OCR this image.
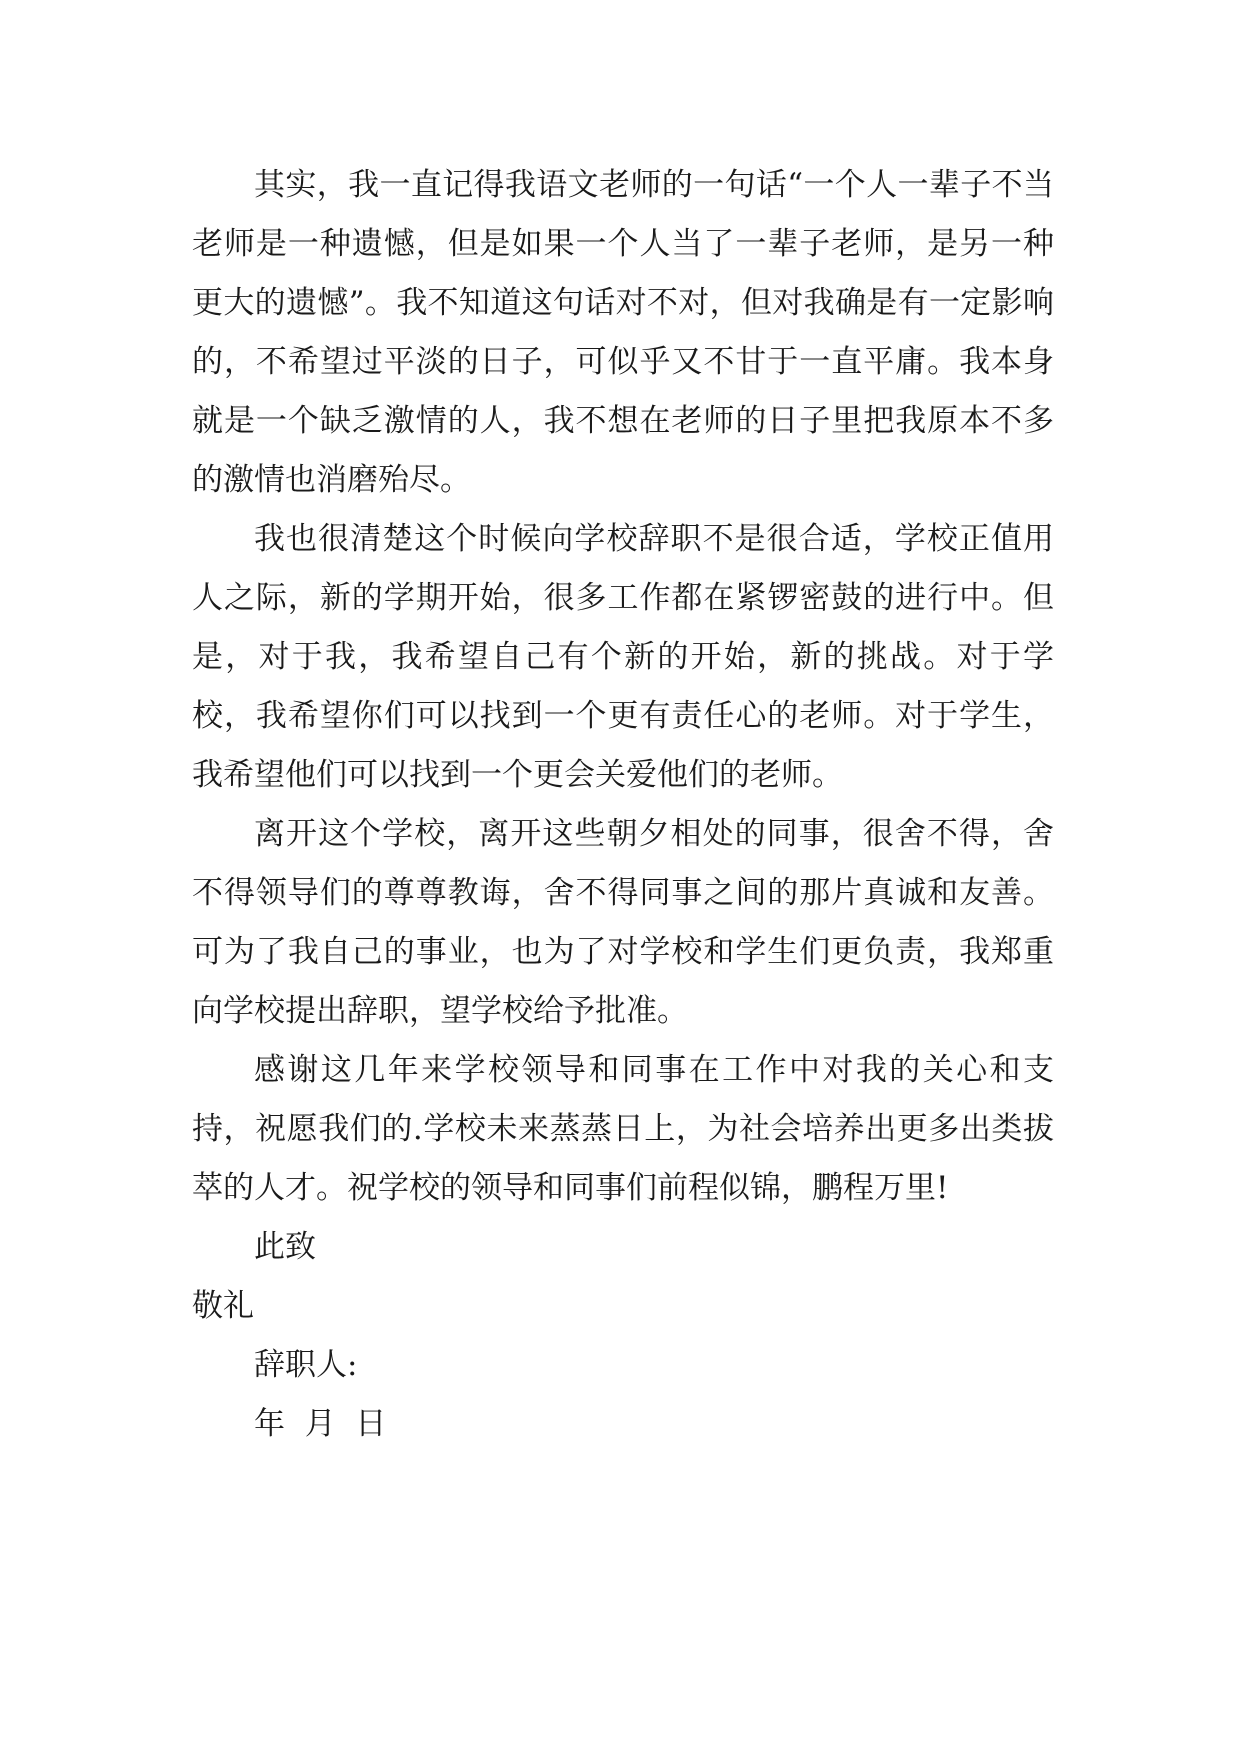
其实，我一直记得我语文老师的一句话“一个人一辈子不当老师是一种遗憾，但是如果一个人当了一辈子老师，是另一种更大的遗憾”。我不知道这句话对不对，但对我确是有一定影响的，不希望过平淡的日子，可似乎又不甘于一直平庸。我本身就是一个缺乏激情的人，我不想在老师的日子里把我原本不多的激情也消磨殆尽。

我也很清楚这个时候向学校辞职不是很合适，学校正值用人之际，新的学期开始，很多工作都在紧锣密鼓的进行中。但是，对于我，我希望自己有个新的开始，新的挑战。对于学校，我希望你们可以找到一个更有责任心的老师。对于学生，我希望他们可以找到一个更会关爱他们的老师。

离开这个学校，离开这些朝夕相处的同事，很舍不得，舍不得领导们的尊尊教诲，舍不得同事之间的那片真诚和友善。 可为了我自己的事业，也为了对学校和学生们更负责，我郑重向学校提出辞职，望学校给予批准。

感谢这几年来学校领导和同事在工作中对我的关心和支持，祝愿我们的.学校未来蒸蒸日上，为社会培养出更多出类拔萃的人才。祝学校的领导和同事们前程似锦，鹏程万里!

此致

敬礼

辞职人:

年  月  日
